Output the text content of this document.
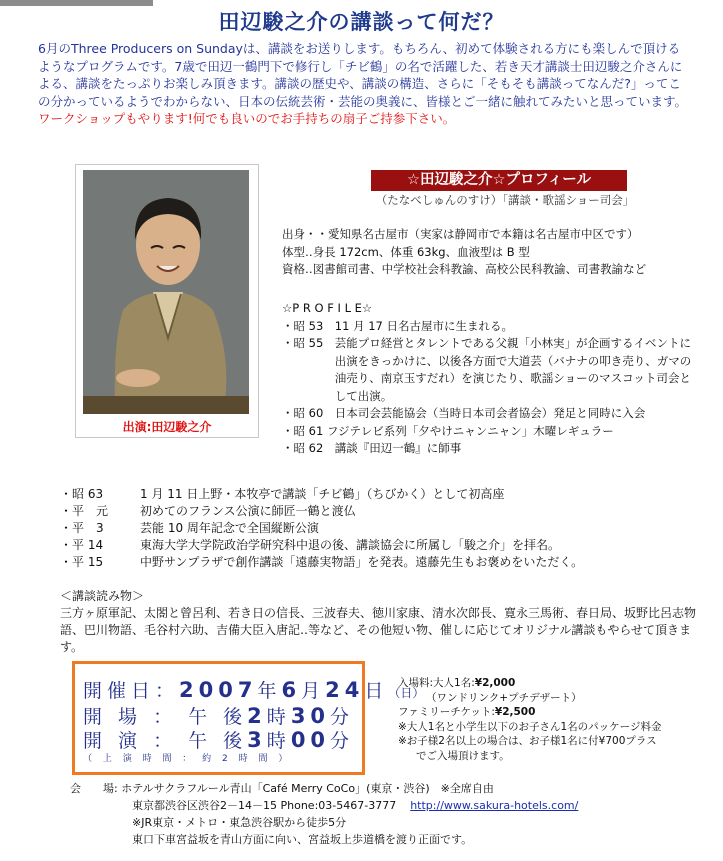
田辺駿之介の講談って何だ？
6月のThree Producers on Sundayは、講談をお送りします。もちろん、初めて体験される方にも楽しんで頂けるようなプログラムです。7歳で田辺一鶴門下で修行し「チビ鶴」の名で活躍した、若き天才講談士田辺駿之介さんによる、講談をたっぷりお楽しみ頂きます。講談の歴史や、講談の構造、さらに「そもそも講談ってなんだ?」ってこの分かっているようでわからない、日本の伝統芸術・芸能の奥義に、皆様とご一緒に触れてみたいと思っています。ワークショップもやります!何でも良いのでお手持ちの扇子ご持参下さい。
出演:田辺駿之介
☆田辺駿之介☆プロフィール
（たなべしゅんのすけ）「講談・歌謡ショー司会」
出身・・ 愛知県名古屋市（実家は静岡市で本籍は名古屋市中区です）
体型‥ 身長 172cm、体重 63kg、血液型は B 型
資格‥ 図書館司書、中学校社会科教諭、高校公民科教諭、司書教諭など
☆P R O F I L E☆
・昭 53　 11 月 17 日名古屋市に生まれる。
・昭 55　 芸能プロ経営とタレントである父親「小林実」が企画するイベントに出演をきっかけに、以後各方面で大道芸（バナナの叩き売り、ガマの油売り、南京玉すだれ）を演じたり、歌謡ショーのマスコット司会として出演。
・昭 60　 日本司会芸能協会（当時日本司会者協会）発足と同時に入会
・昭 61 フジテレビ系列「夕やけニャンニャン」木曜レギュラー
・昭 62　 講談『田辺一鶴』に師事
・昭 63　	1 月 11 日上野・本牧亭で講談「チビ鶴」（ちびかく）として初高座
・平　元　	初めてのフランス公演に師匠一鶴と渡仏
・平　3　	芸能 10 周年記念で全国縦断公演
・平 14　	東海大学大学院政治学研究科中退の後、講談協会に所属し「駿之介」を拝名。
・平 15　	中野サンプラザで創作講談「遠藤実物語」を発表。遠藤先生もお褒めをいただく。
＜講談読み物＞
三方ヶ原軍記、太閤と曾呂利、若き日の信長、三波春夫、徳川家康、清水次郎長、寛永三馬術、春日局、坂野比呂志物語、巴川物語、毛谷村六助、吉備大臣入唐記‥等など、その他短い物、催しに応じてオリジナル講談もやらせて頂きます。
開催日：2007年6月24日（日）
開 場 ： 午 後2時30分
開 演 ： 午 後3時00分
（ 上 演 時 間 ： 約 2 時 間 ）
入場料:大人1名:¥2,000
（ワンドリンク+プチデザート）
ファミリーチケット:¥2,500
※大人1名と小学生以下のお子さん1名のパッケージ料金
※お子様2名以上の場合は、お子様1名に付¥700プラス
でご入場頂けます。
会　　場: ホテルサクラフルール青山「Café Merry CoCo」(東京・渋谷)　※全席自由
東京都渋谷区渋谷2－14－15 Phone:03-5467-3777 http://www.sakura-hotels.com/
※JR東京・メトロ・東急渋谷駅から徒歩5分
東口下車宮益坂を青山方面に向い、宮益坂上歩道橋を渡り正面です。
